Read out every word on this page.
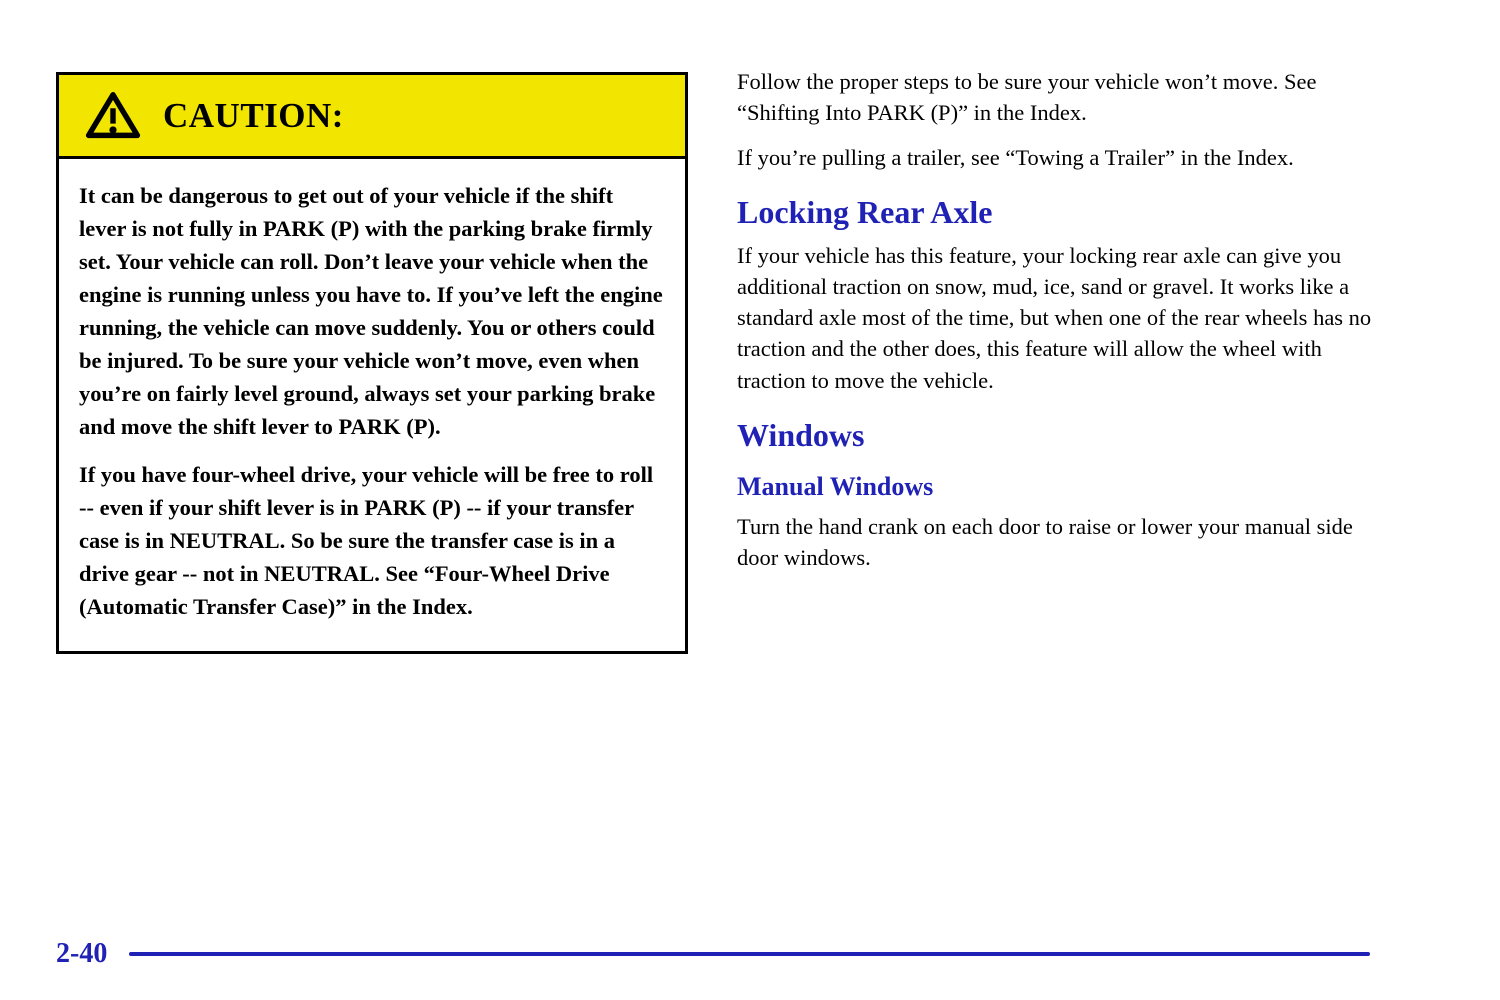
CAUTION:

It can be dangerous to get out of your vehicle if the shift lever is not fully in PARK (P) with the parking brake firmly set. Your vehicle can roll. Don’t leave your vehicle when the engine is running unless you have to. If you’ve left the engine running, the vehicle can move suddenly. You or others could be injured. To be sure your vehicle won’t move, even when you’re on fairly level ground, always set your parking brake and move the shift lever to PARK (P).

If you have four-wheel drive, your vehicle will be free to roll -- even if your shift lever is in PARK (P) -- if your transfer case is in NEUTRAL. So be sure the transfer case is in a drive gear -- not in NEUTRAL. See “Four-Wheel Drive (Automatic Transfer Case)” in the Index.

Follow the proper steps to be sure your vehicle won’t move. See “Shifting Into PARK (P)” in the Index.

If you’re pulling a trailer, see “Towing a Trailer” in the Index.

Locking Rear Axle

If your vehicle has this feature, your locking rear axle can give you additional traction on snow, mud, ice, sand or gravel. It works like a standard axle most of the time, but when one of the rear wheels has no traction and the other does, this feature will allow the wheel with traction to move the vehicle.

Windows
Manual Windows

Turn the hand crank on each door to raise or lower your manual side door windows.

2-40
